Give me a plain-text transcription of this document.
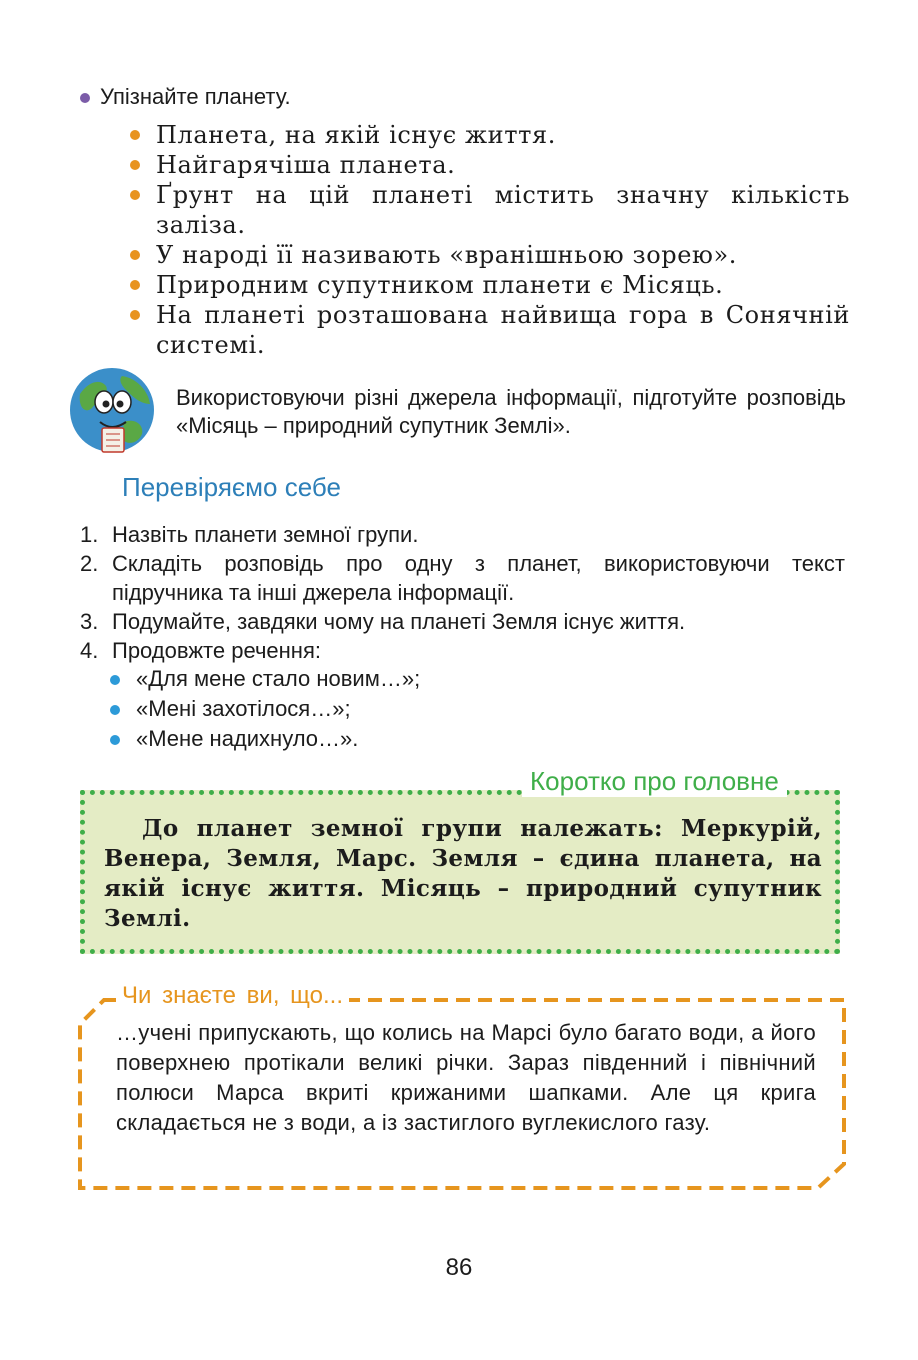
Упізнайте планету.
Планета, на якій існує життя.
Найгарячіша планета.
Ґрунт на цій планеті містить значну кількість заліза.
У народі її називають «вранішньою зорею».
Природним супутником планети є Місяць.
На планеті розташована найвища гора в Сонячній системі.
Використовуючи різні джерела інформації, підготуйте розповідь «Місяць – природний супутник Землі».
Перевіряємо себе
1. Назвіть планети земної групи.
2. Складіть розповідь про одну з планет, використовуючи текст підручника та інші джерела інформації.
3. Подумайте, завдяки чому на планеті Земля існує життя.
4. Продовжте речення:
«Для мене стало новим…»;
«Мені захотілося…»;
«Мене надихнуло…».
Коротко про головне
До планет земної групи належать: Меркурій, Венера, Земля, Марс. Земля – єдина планета, на якій існує життя. Місяць – природний супутник Землі.
Чи знаєте ви, що...
…учені припускають, що колись на Марсі було багато води, а його поверхнею протікали великі річки. Зараз південний і північний полюси Марса вкриті крижаними шапками. Але ця крига складається не з води, а із застиглого вуглекислого газу.
86
